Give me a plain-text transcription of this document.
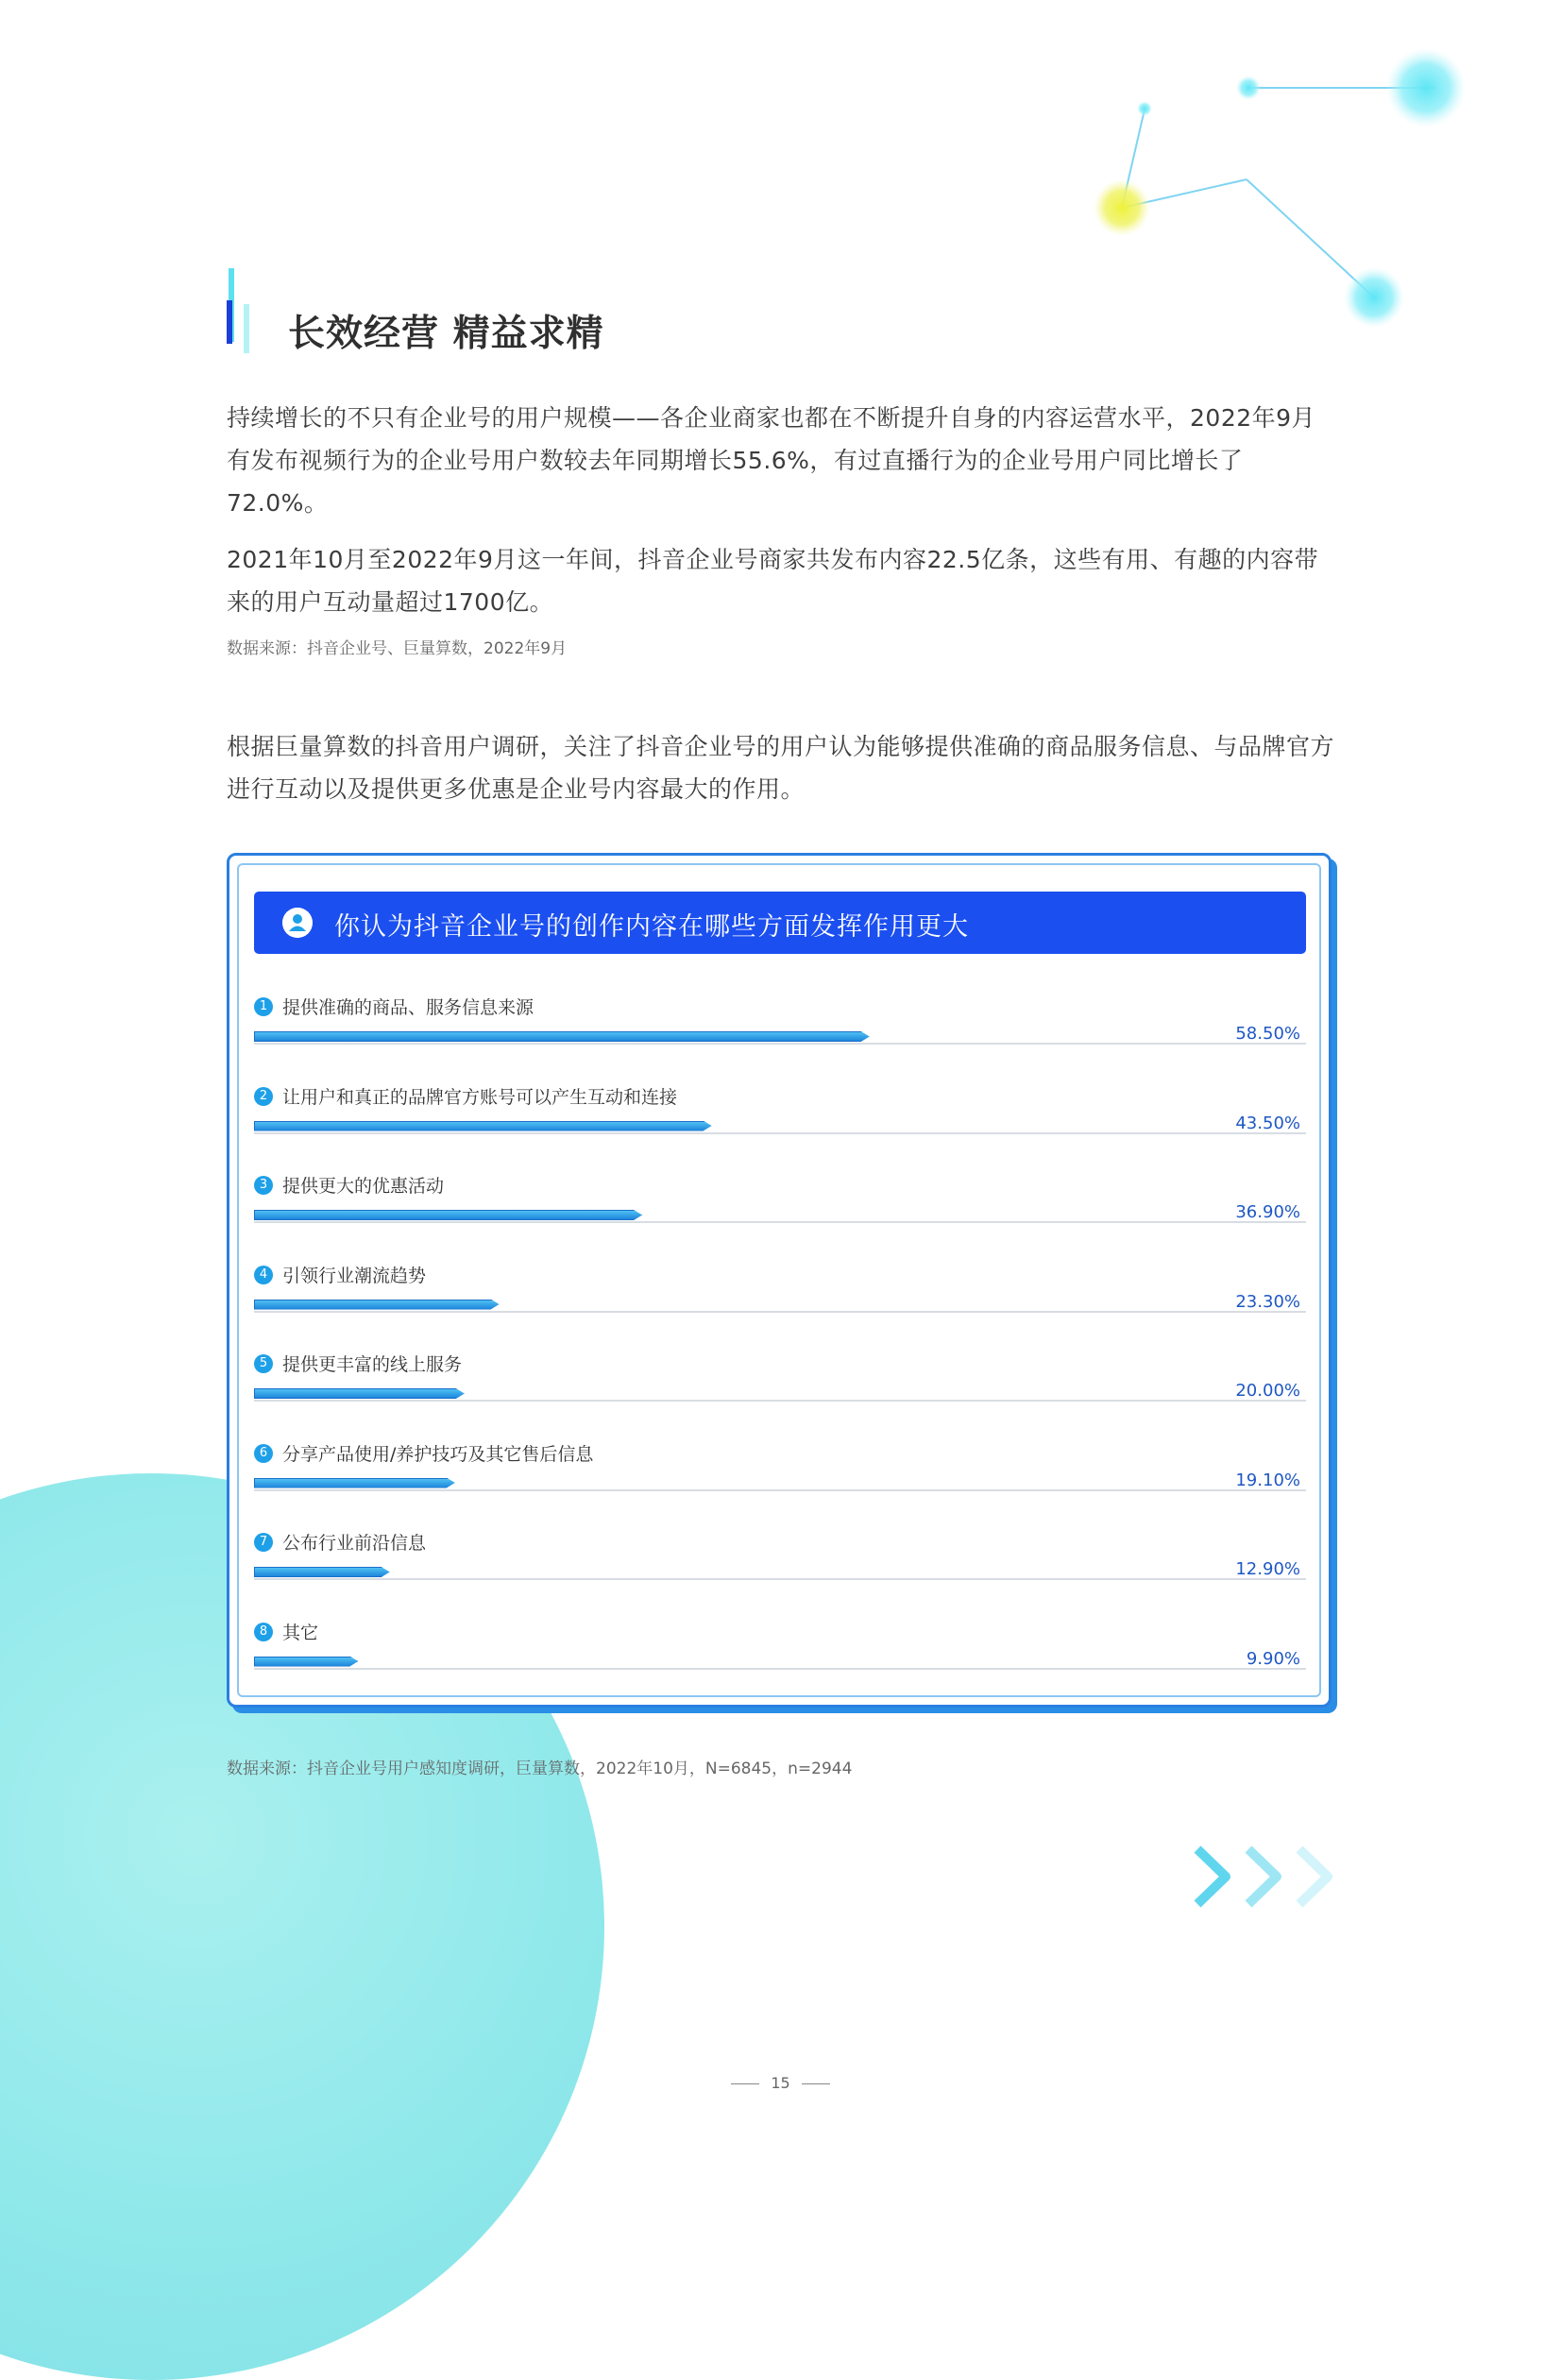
长效经营 精益求精
持续增长的不只有企业号的用户规模——各企业商家也都在不断提升自身的内容运营水平，2022年9月有发布视频行为的企业号用户数较去年同期增长55.6%，有过直播行为的企业号用户同比增长了72.0%。
2021年10月至2022年9月这一年间，抖音企业号商家共发布内容22.5亿条，这些有用、有趣的内容带来的用户互动量超过1700亿。
数据来源：抖音企业号、巨量算数，2022年9月
根据巨量算数的抖音用户调研，关注了抖音企业号的用户认为能够提供准确的商品服务信息、与品牌官方进行互动以及提供更多优惠是企业号内容最大的作用。
你认为抖音企业号的创作内容在哪些方面发挥作用更大
1 提供准确的商品、服务信息来源
58.50%
2 让用户和真正的品牌官方账号可以产生互动和连接
43.50%
3 提供更大的优惠活动
36.90%
4 引领行业潮流趋势
23.30%
5 提供更丰富的线上服务
20.00%
6 分享产品使用/养护技巧及其它售后信息
19.10%
7 公布行业前沿信息
12.90%
8 其它
9.90%
数据来源：抖音企业号用户感知度调研，巨量算数，2022年10月，N=6845，n=2944
15
